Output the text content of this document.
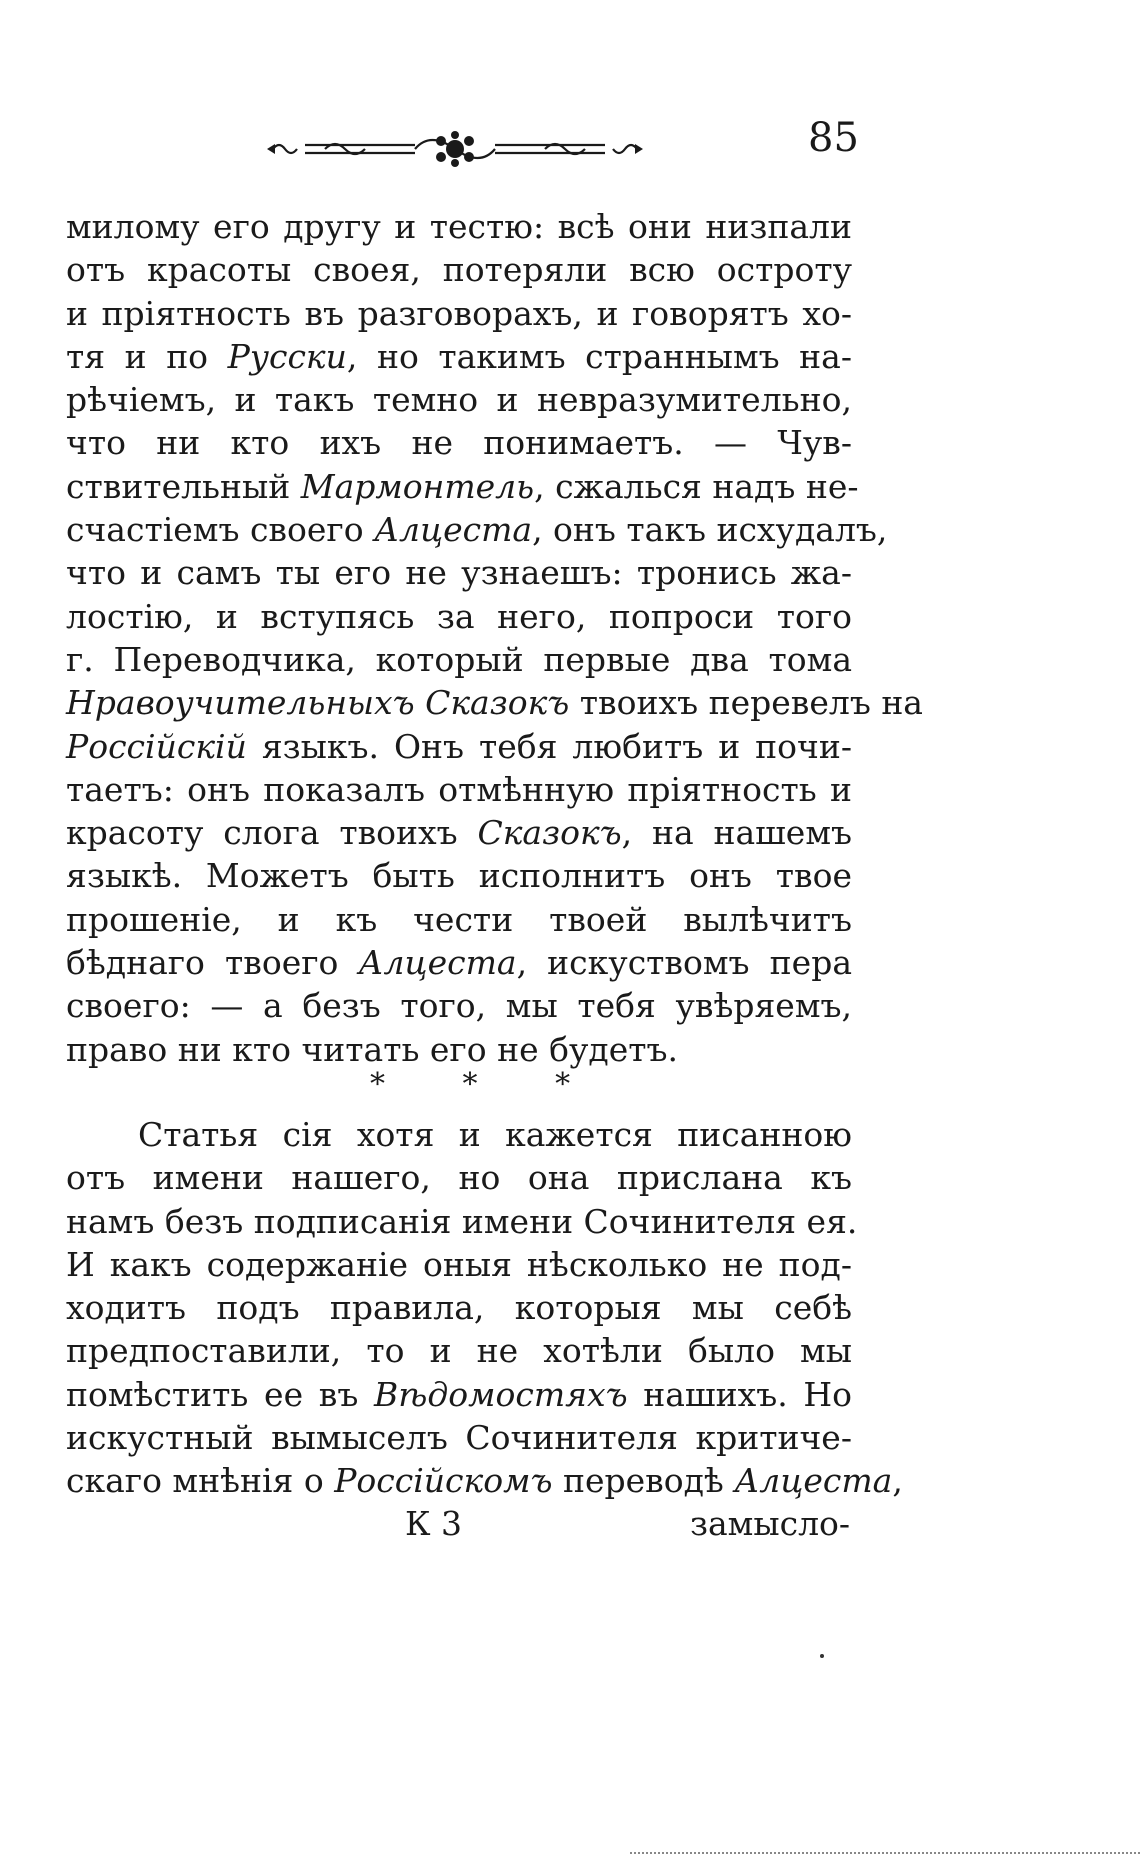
85
милому его другу и тестю: всѣ они низпали
отъ красоты своея, потеряли всю остроту
и пріятность въ разговорахъ, и говорятъ хо-
тя и по Русски, но такимъ страннымъ на-
рѣчіемъ, и такъ темно и невразумительно,
что ни кто ихъ не понимаетъ. — Чув-
ствительный Мармонтель, сжалься надъ не-
счастіемъ своего Алцеста, онъ такъ исхудалъ,
что и самъ ты его не узнаешъ: тронись жа-
лостію, и вступясь за него, попроси того
г. Переводчика, который первые два тома
Нравоучительныхъ Сказокъ твоихъ перевелъ на
Россійскій языкъ. Онъ тебя любитъ и почи-
таетъ: онъ показалъ отмѣнную пріятность и
красоту слога твоихъ Сказокъ, на нашемъ
языкѣ. Можетъ быть исполнитъ онъ твое
прошеніе, и къ чести твоей вылѣчитъ
бѣднаго твоего Алцеста, искуствомъ пера
своего: — а безъ того, мы тебя увѣряемъ,
право ни кто читать его не будетъ.
* * *
Статья сія хотя и кажется писанною
отъ имени нашего, но она прислана къ
намъ безъ подписанія имени Сочинителя ея.
И какъ содержаніе оныя нѣсколько не под-
ходитъ подъ правила, которыя мы себѣ
предпоставили, то и не хотѣли было мы
помѣстить ее въ Вѣдомостяхъ нашихъ. Но
искустный вымыселъ Сочинителя критиче-
скаго мнѣнія о Россійскомъ переводѣ Алцеста,
К 3	замысло-
